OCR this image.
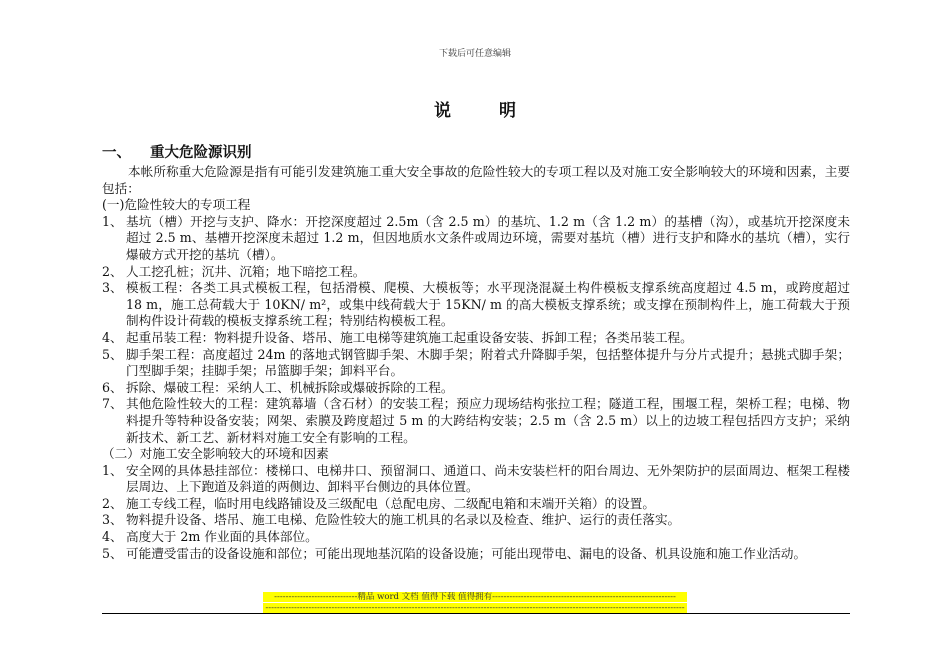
下载后可任意编辑
说明
一、 重大危险源识别
本帐所称重大危险源是指有可能引发建筑施工重大安全事故的危险性较大的专项工程以及对施工安全影响较大的环境和因素，主要包括：
(一)危险性较大的专项工程
1、 基坑（槽）开挖与支护、降水：开挖深度超过 2.5m（含 2.5 m）的基坑、1.2 m（含 1.2 m）的基槽（沟），或基坑开挖深度未超过 2.5 m、基槽开挖深度未超过 1.2 m，但因地质水文条件或周边环境，需要对基坑（槽）进行支护和降水的基坑（槽），实行爆破方式开挖的基坑（槽）。
2、 人工挖孔桩；沉井、沉箱；地下暗挖工程。
3、 模板工程：各类工具式模板工程，包括滑模、爬模、大模板等；水平现浇混凝土构件模板支撑系统高度超过 4.5 m，或跨度超过 18 m，施工总荷载大于 10KN/ m²，或集中线荷载大于 15KN/ m 的高大模板支撑系统；或支撑在预制构件上，施工荷载大于预制构件设计荷载的模板支撑系统工程；特别结构模板工程。
4、 起重吊装工程：物料提升设备、塔吊、施工电梯等建筑施工起重设备安装、拆卸工程；各类吊装工程。
5、 脚手架工程：高度超过 24m 的落地式钢管脚手架、木脚手架；附着式升降脚手架，包括整体提升与分片式提升；悬挑式脚手架；门型脚手架；挂脚手架；吊篮脚手架；卸料平台。
6、 拆除、爆破工程：采纳人工、机械拆除或爆破拆除的工程。
7、 其他危险性较大的工程：建筑幕墙（含石材）的安装工程；预应力现场结构张拉工程；隧道工程，围堰工程，架桥工程；电梯、物料提升等特种设备安装；网架、索膜及跨度超过 5 m 的大跨结构安装；2.5 m（含 2.5 m）以上的边坡工程包括四方支护；采纳新技术、新工艺、新材料对施工安全有影响的工程。
（二）对施工安全影响较大的环境和因素
1、 安全网的具体悬挂部位：楼梯口、电梯井口、预留洞口、通道口、尚未安装栏杆的阳台周边、无外架防护的层面周边、框架工程楼层周边、上下跑道及斜道的两侧边、卸料平台侧边的具体位置。
2、 施工专线工程，临时用电线路铺设及三级配电（总配电房、二级配电箱和末端开关箱）的设置。
3、 物料提升设备、塔吊、施工电梯、危险性较大的施工机具的名录以及检查、维护、运行的责任落实。
4、 高度大于 2m 作业面的具体部位。
5、 可能遭受雷击的设备设施和部位；可能出现地基沉陷的设备设施；可能出现带电、漏电的设备、机具设施和施工作业活动。
-----------------------------精品 word 文档 值得下载 值得拥有----------------------------------------------------------------
--------------------------------------------------------------------------------------------------------------------------------------------------
